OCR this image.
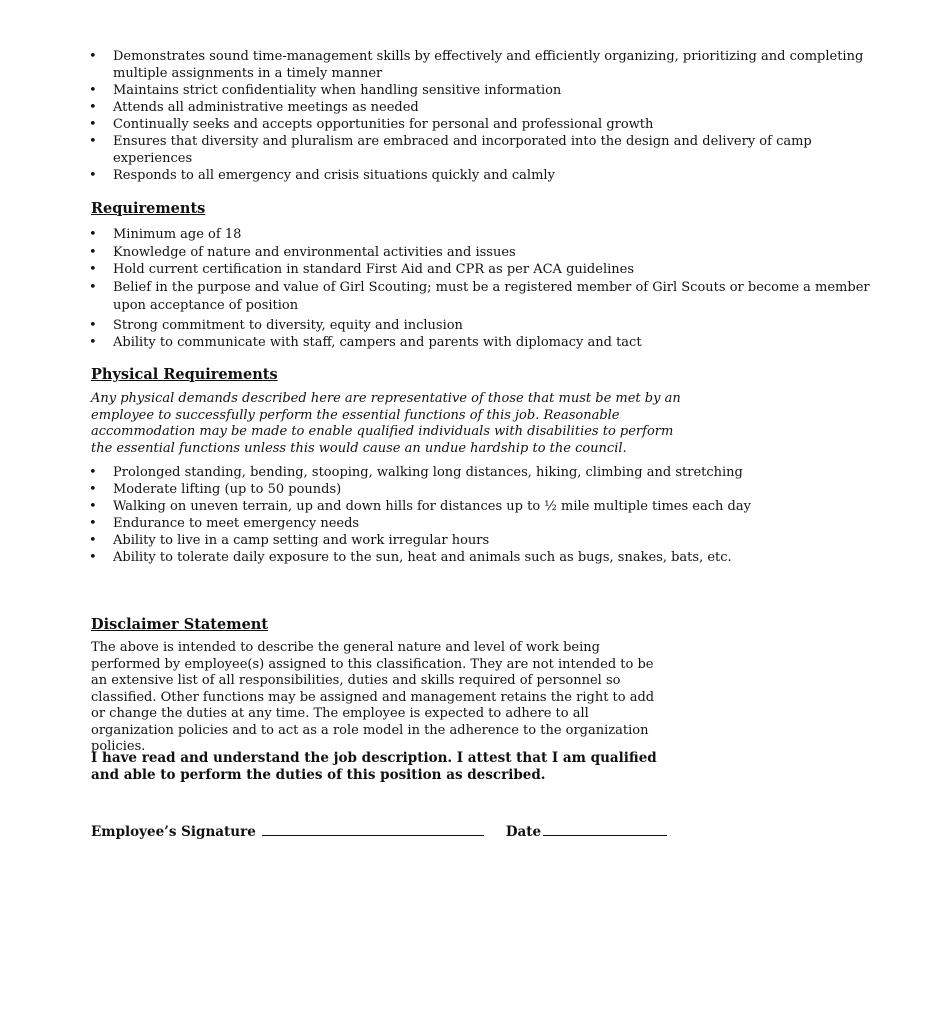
• Demonstrates sound time-management skills by effectively and efficiently organizing, prioritizing and completing multiple assignments in a timely manner
• Maintains strict confidentiality when handling sensitive information
• Attends all administrative meetings as needed
• Continually seeks and accepts opportunities for personal and professional growth
• Ensures that diversity and pluralism are embraced and incorporated into the design and delivery of camp experiences
• Responds to all emergency and crisis situations quickly and calmly
Requirements
• Minimum age of 18
• Knowledge of nature and environmental activities and issues
• Hold current certification in standard First Aid and CPR as per ACA guidelines
• Belief in the purpose and value of Girl Scouting; must be a registered member of Girl Scouts or become a member upon acceptance of position
• Strong commitment to diversity, equity and inclusion
• Ability to communicate with staff, campers and parents with diplomacy and tact
Physical Requirements
Any physical demands described here are representative of those that must be met by an employee to successfully perform the essential functions of this job. Reasonable accommodation may be made to enable qualified individuals with disabilities to perform the essential functions unless this would cause an undue hardship to the council.
• Prolonged standing, bending, stooping, walking long distances, hiking, climbing and stretching
• Moderate lifting (up to 50 pounds)
• Walking on uneven terrain, up and down hills for distances up to ½ mile multiple times each day
• Endurance to meet emergency needs
• Ability to live in a camp setting and work irregular hours
• Ability to tolerate daily exposure to the sun, heat and animals such as bugs, snakes, bats, etc.
Disclaimer Statement
The above is intended to describe the general nature and level of work being performed by employee(s) assigned to this classification. They are not intended to be an extensive list of all responsibilities, duties and skills required of personnel so classified. Other functions may be assigned and management retains the right to add or change the duties at any time. The employee is expected to adhere to all organization policies and to act as a role model in the adherence to the organization policies.
I have read and understand the job description. I attest that I am qualified and able to perform the duties of this position as described.
Employee’s Signature	Date
